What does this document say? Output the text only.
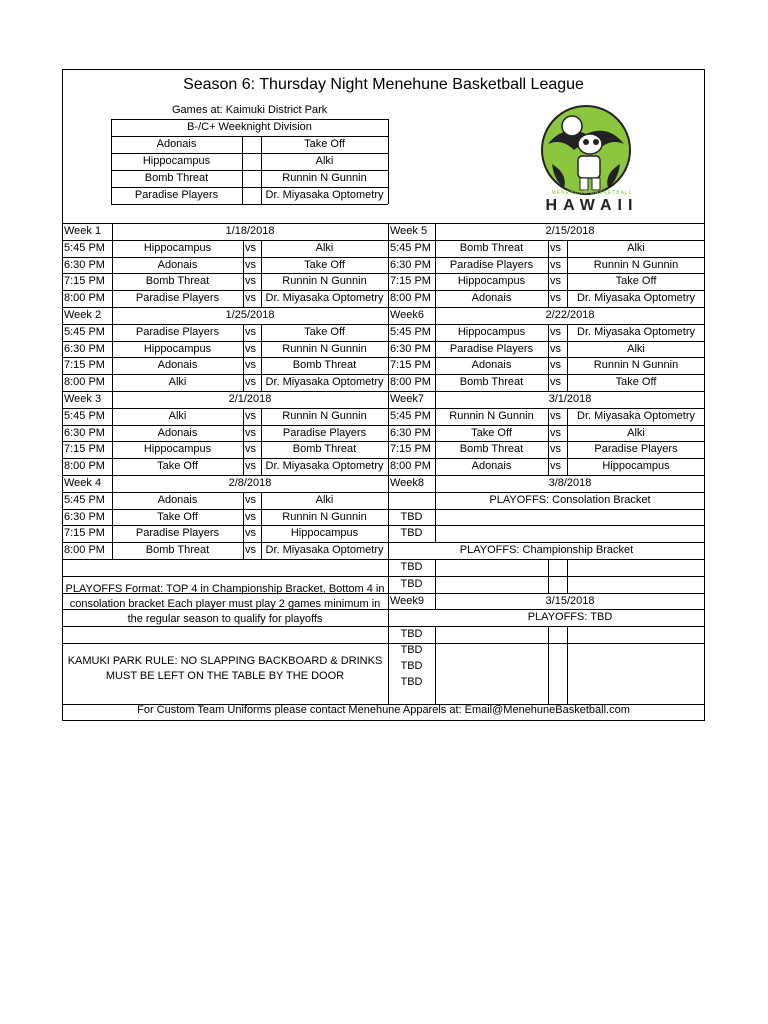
Season 6: Thursday Night Menehune Basketball League
Games at: Kaimuki District Park
B-/C+ Weeknight Division
Adonais	Take Off
Hippocampus	Alki
Bomb Threat	Runnin N Gunnin
Paradise Players	Dr. Miyasaka Optometry	MENEHUNE BASKETBALL
HAWAII
Week 1	1/18/2018
5:45 PM	Hippocampus	vs	Alki
6:30 PM	Adonais	vs	Take Off
7:15 PM	Bomb Threat	vs	Runnin N Gunnin
8:00 PM	Paradise Players	vs Dr. Miyasaka Optometry
Week 2	1/25/2018
5:45 PM	Paradise Players	vs	Take Off
6:30 PM	Hippocampus	vs	Runnin N Gunnin
7:15 PM	Adonais	vs	Bomb Threat
8:00 PM	Alki	vs Dr. Miyasaka Optometry
Week 3	2/1/2018
5:45 PM	Alki	vs	Runnin N Gunnin
6:30 PM	Adonais	vs	Paradise Players
7:15 PM	Hippocampus	vs	Bomb Threat
8:00 PM	Take Off	vs Dr. Miyasaka Optometry
Week 4	2/8/2018
5:45 PM	Adonais	vs	Alki
6:30 PM	Take Off	vs	Runnin N Gunnin
7:15 PM	Paradise Players	vs	Hippocampus
8:00 PM	Bomb Threat	vs Dr. Miyasaka Optometry
Week 5	2/15/2018
5:45 PM	Bomb Threat	vs	Alki
6:30 PM	Paradise Players	vs	Runnin N Gunnin
7:15 PM	Hippocampus	vs	Take Off
8:00 PM	Adonais	vs	Dr. Miyasaka Optometry
Week6	2/22/2018
5:45 PM	Hippocampus	vs	Dr. Miyasaka Optometry
6:30 PM	Paradise Players	vs	Alki
7:15 PM	Adonais	vs	Runnin N Gunnin
8:00 PM	Bomb Threat	vs	Take Off
Week7	3/1/2018
5:45 PM	Runnin N Gunnin	vs	Dr. Miyasaka Optometry
6:30 PM	Take Off	vs	Alki
7:15 PM	Bomb Threat	vs	Paradise Players
8:00 PM	Adonais	vs	Hippocampus
Week8	3/8/2018
PLAYOFFS: Consolation Bracket
TBD
TBD
PLAYOFFS: Championship Bracket
TBD
TBD
Week9	3/15/2018
PLAYOFFS: TBD
TBD
TBD
TBD
TBD
PLAYOFFS Format: TOP 4 in Championship Bracket, Bottom 4 in consolation bracket Each player must play 2 games minimum in the regular season to qualify for playoffs
KAMUKI PARK RULE: NO SLAPPING BACKBOARD & DRINKS MUST BE LEFT ON THE TABLE BY THE DOOR
For Custom Team Uniforms please contact Menehune Apparels at: Email@MenehuneBasketball.com
